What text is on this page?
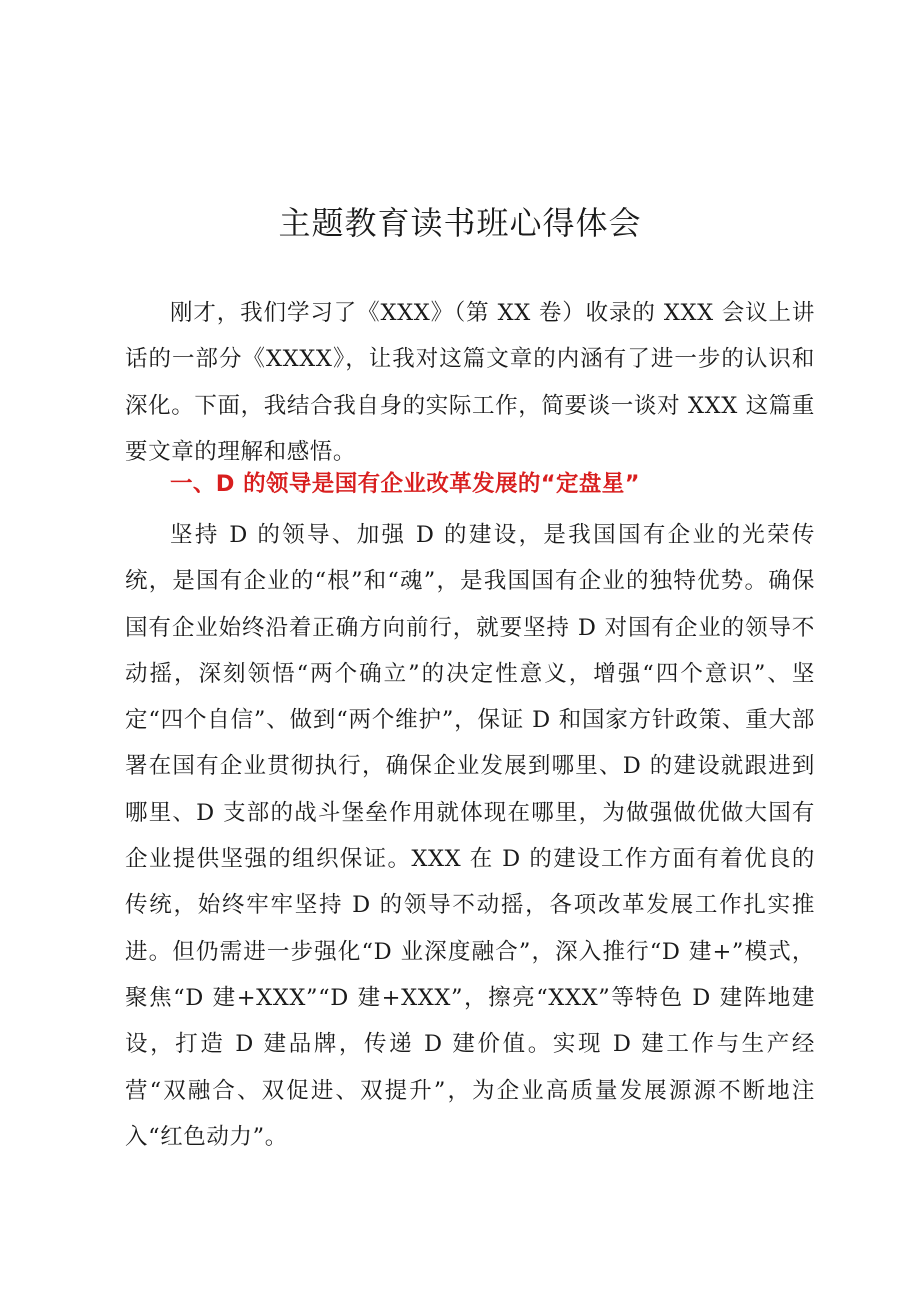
主题教育读书班心得体会

刚才，我们学习了《XXX》（第 XX 卷）收录的 XXX 会议上讲话的一部分《XXXX》，让我对这篇文章的内涵有了进一步的认识和深化。下面，我结合我自身的实际工作，简要谈一谈对 XXX 这篇重要文章的理解和感悟。

一、D 的领导是国有企业改革发展的“定盘星”

坚持 D 的领导、加强 D 的建设，是我国国有企业的光荣传统，是国有企业的“根”和“魂”，是我国国有企业的独特优势。确保国有企业始终沿着正确方向前行，就要坚持 D 对国有企业的领导不动摇，深刻领悟“两个确立”的决定性意义，增强“四个意识”、坚定“四个自信”、做到“两个维护”，保证 D 和国家方针政策、重大部署在国有企业贯彻执行，确保企业发展到哪里、D 的建设就跟进到哪里、D 支部的战斗堡垒作用就体现在哪里，为做强做优做大国有企业提供坚强的组织保证。XXX 在 D 的建设工作方面有着优良的传统，始终牢牢坚持 D 的领导不动摇，各项改革发展工作扎实推进。但仍需进一步强化“D 业深度融合”，深入推行“D 建+”模式，聚焦“D 建+XXX”“D 建+XXX”，擦亮“XXX”等特色 D 建阵地建设，打造 D 建品牌，传递 D 建价值。实现 D 建工作与生产经营“双融合、双促进、双提升”，为企业高质量发展源源不断地注入“红色动力”。
